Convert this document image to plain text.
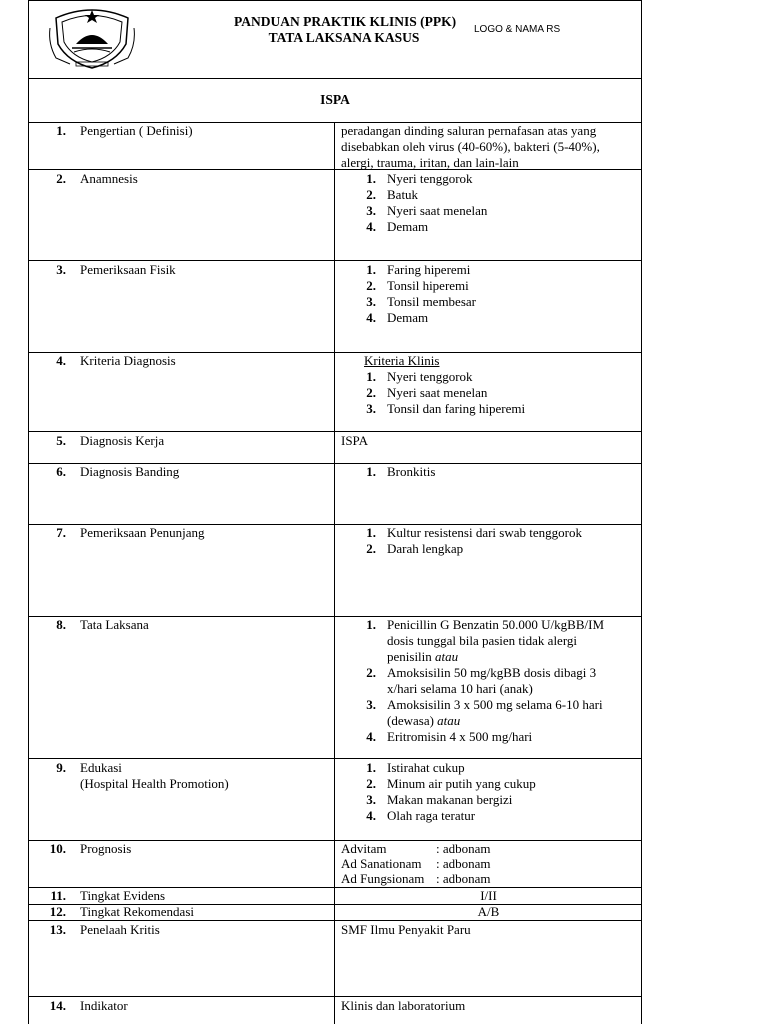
PANDUAN PRAKTIK KLINIS (PPK)
TATA LAKSANA KASUS
LOGO & NAMA RS
ISPA
1. Pengertian ( Definisi)	peradangan dinding saluran pernafasan atas yang
disebabkan oleh virus (40-60%), bakteri (5-40%),
alergi, trauma, iritan, dan lain-lain
2. Anamnesis	1. Nyeri tenggorok
2. Batuk
3. Nyeri saat menelan
4. Demam
3. Pemeriksaan Fisik	1. Faring hiperemi
2. Tonsil hiperemi
3. Tonsil membesar
4. Demam
4. Kriteria Diagnosis	Kriteria Klinis
1. Nyeri tenggorok
2. Nyeri saat menelan
3. Tonsil dan faring hiperemi
5. Diagnosis Kerja	ISPA
6. Diagnosis Banding	1. Bronkitis
7. Pemeriksaan Penunjang	1. Kultur resistensi dari swab tenggorok
2. Darah lengkap
8. Tata Laksana	1. Penicillin G Benzatin 50.000 U/kgBB/IM
dosis tunggal bila pasien tidak alergi
penisilin atau
2. Amoksisilin 50 mg/kgBB dosis dibagi 3
x/hari selama 10 hari (anak)
3. Amoksisilin 3 x 500 mg selama 6-10 hari
(dewasa) atau
4. Eritromisin 4 x 500 mg/hari
9. Edukasi
(Hospital Health Promotion)
1. Istirahat cukup
2. Minum air putih yang cukup
3. Makan makanan bergizi
4. Olah raga teratur
10. Prognosis	Advitam	: adbonam
Ad Sanationam : adbonam
Ad Fungsionam : adbonam
11. Tingkat Evidens	I/II
12. Tingkat Rekomendasi	A/B
13. Penelaah Kritis	SMF Ilmu Penyakit Paru
14. Indikator	Klinis dan laboratorium
